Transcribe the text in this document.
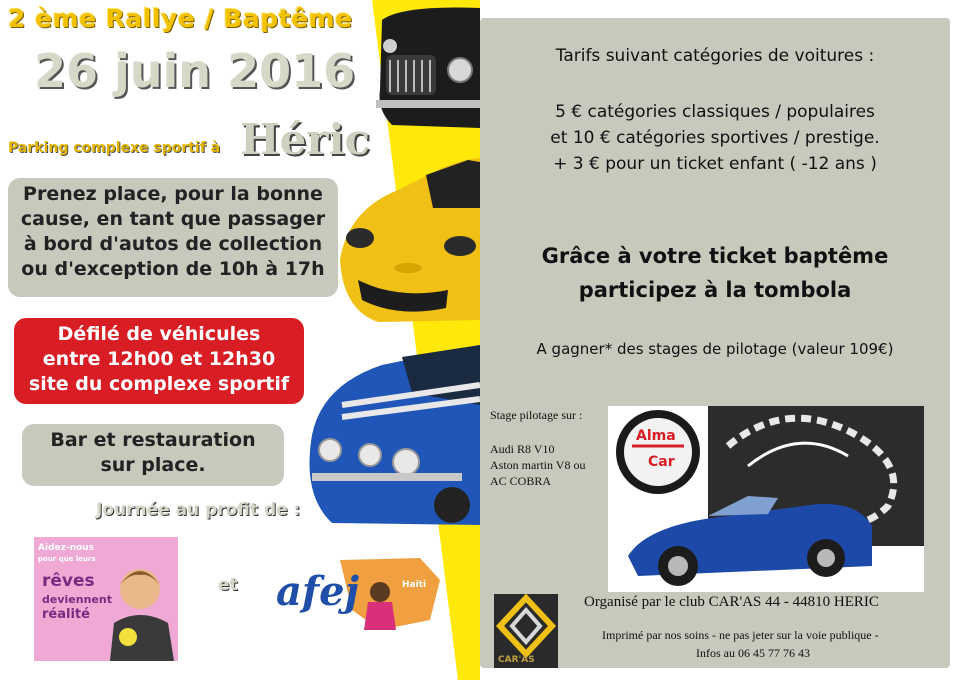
2 ème Rallye / Baptême
26 juin 2016
Parking complexe sportif à Héric
Prenez place, pour la bonne
cause, en tant que passager
à bord d'autos de collection
ou d'exception de 10h à 17h
Défilé de véhicules
entre 12h00 et 12h30
site du complexe sportif
Bar et restauration
sur place.
Journée au profit de :
Aidez-nous
pour que leurs
rêves
deviennent
réalité
et afej	Haïti
Tarifs suivant catégories de voitures :
5 € catégories classiques / populaires
et 10 € catégories sportives / prestige.
+ 3 € pour un ticket enfant ( -12 ans )
Grâce à votre ticket baptême
participez à la tombola
A gagner* des stages de pilotage (valeur 109€)
Stage pilotage sur :
Audi R8 V10
Aston martin V8 ou
AC COBRA
Alma
Car
CAR'AS
Organisé par le club CAR'AS 44 - 44810 HERIC
Imprimé par nos soins - ne pas jeter sur la voie publique -
Infos au 06 45 77 76 43
